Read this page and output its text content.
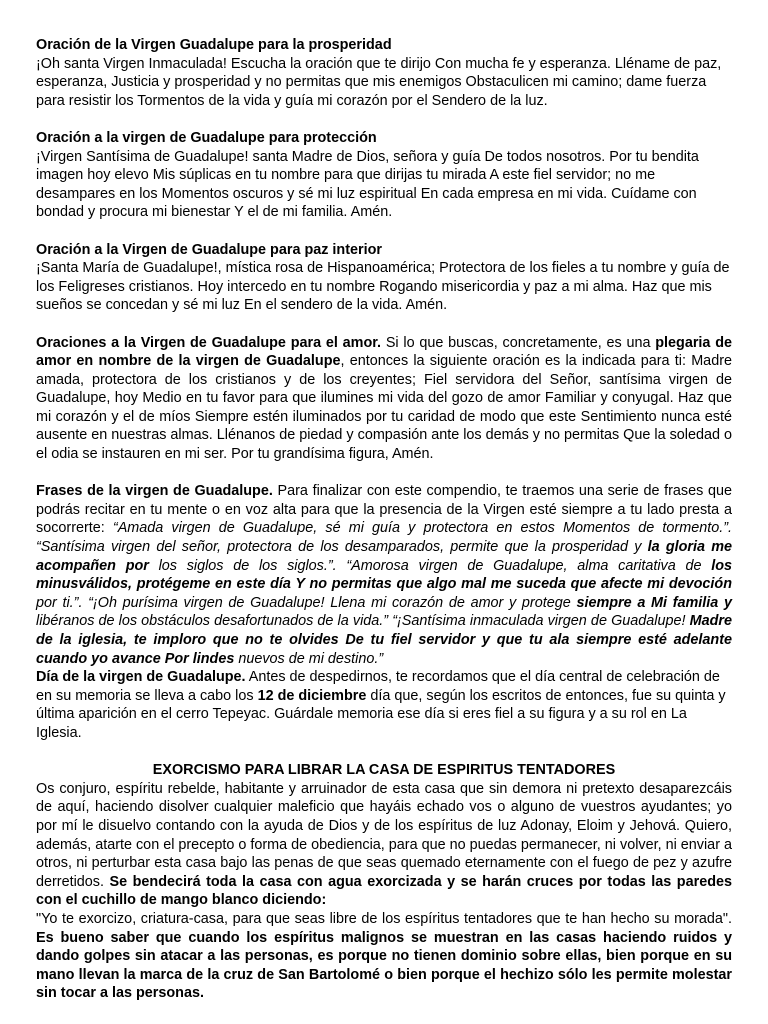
Oración de la Virgen Guadalupe para la prosperidad

¡Oh santa Virgen Inmaculada! Escucha la oración que te dirijo Con mucha fe y esperanza. Lléname de paz, esperanza, Justicia y prosperidad y no permitas que mis enemigos Obstaculicen mi camino; dame fuerza para resistir los Tormentos de la vida y guía mi corazón por el Sendero de la luz.

Oración a la virgen de Guadalupe para protección

¡Virgen Santísima de Guadalupe! santa Madre de Dios, señora y guía De todos nosotros. Por tu bendita imagen hoy elevo Mis súplicas en tu nombre para que dirijas tu mirada A este fiel servidor; no me desampares en los Momentos oscuros y sé mi luz espiritual En cada empresa en mi vida. Cuídame con bondad y procura mi bienestar Y el de mi familia. Amén.

Oración a la Virgen de Guadalupe para paz interior

¡Santa María de Guadalupe!, mística rosa de Hispanoamérica; Protectora de los fieles a tu nombre y guía de los Feligreses cristianos. Hoy intercedo en tu nombre Rogando misericordia y paz a mi alma. Haz que mis sueños se concedan y sé mi luz En el sendero de la vida. Amén.

Oraciones a la Virgen de Guadalupe para el amor. Si lo que buscas, concretamente, es una plegaria de amor en nombre de la virgen de Guadalupe, entonces la siguiente oración es la indicada para ti: Madre amada, protectora de los cristianos y de los creyentes; Fiel servidora del Señor, santísima virgen de Guadalupe, hoy Medio en tu favor para que ilumines mi vida del gozo de amor Familiar y conyugal. Haz que mi corazón y el de míos Siempre estén iluminados por tu caridad de modo que este Sentimiento nunca esté ausente en nuestras almas. Llénanos de piedad y compasión ante los demás y no permitas Que la soledad o el odia se instauren en mi ser. Por tu grandísima figura, Amén.

Frases de la virgen de Guadalupe. Para finalizar con este compendio, te traemos una serie de frases que podrás recitar en tu mente o en voz alta para que la presencia de la Virgen esté siempre a tu lado presta a socorrerte: “Amada virgen de Guadalupe, sé mi guía y protectora en estos Momentos de tormento.”. “Santísima virgen del señor, protectora de los desamparados, permite que la prosperidad y la gloria me acompañen por los siglos de los siglos.”. “Amorosa virgen de Guadalupe, alma caritativa de los minusválidos, protégeme en este día Y no permitas que algo mal me suceda que afecte mi devoción por ti.”. “¡Oh purísima virgen de Guadalupe! Llena mi corazón de amor y protege siempre a Mi familia y libéranos de los obstáculos desafortunados de la vida.” “¡Santísima inmaculada virgen de Guadalupe! Madre de la iglesia, te imploro que no te olvides De tu fiel servidor y que tu ala siempre esté adelante cuando yo avance Por lindes nuevos de mi destino.”

Día de la virgen de Guadalupe. Antes de despedirnos, te recordamos que el día central de celebración de en su memoria se lleva a cabo los 12 de diciembre día que, según los escritos de entonces, fue su quinta y última aparición en el cerro Tepeyac. Guárdale memoria ese día si eres fiel a su figura y a su rol en La Iglesia.

EXORCISMO PARA LIBRAR LA CASA DE ESPIRITUS TENTADORES

Os conjuro, espíritu rebelde, habitante y arruinador de esta casa que sin demora ni pretexto desaparezcáis de aquí, haciendo disolver cualquier maleficio que hayáis echado vos o alguno de vuestros ayudantes; yo por mí le disuelvo contando con la ayuda de Dios y de los espíritus de luz Adonay, Eloim y Jehová. Quiero, además, atarte con el precepto o forma de obediencia, para que no puedas permanecer, ni volver, ni enviar a otros, ni perturbar esta casa bajo las penas de que seas quemado eternamente con el fuego de pez y azufre derretidos. Se bendecirá toda la casa con agua exorcizada y se harán cruces por todas las paredes con el cuchillo de mango blanco diciendo:

"Yo te exorcizo, criatura-casa, para que seas libre de los espíritus tentadores que te han hecho su morada". Es bueno saber que cuando los espíritus malignos se muestran en las casas haciendo ruidos y dando golpes sin atacar a las personas, es porque no tienen dominio sobre ellas, bien porque en su mano llevan la marca de la cruz de San Bartolomé o bien porque el hechizo sólo les permite molestar sin tocar a las personas.
